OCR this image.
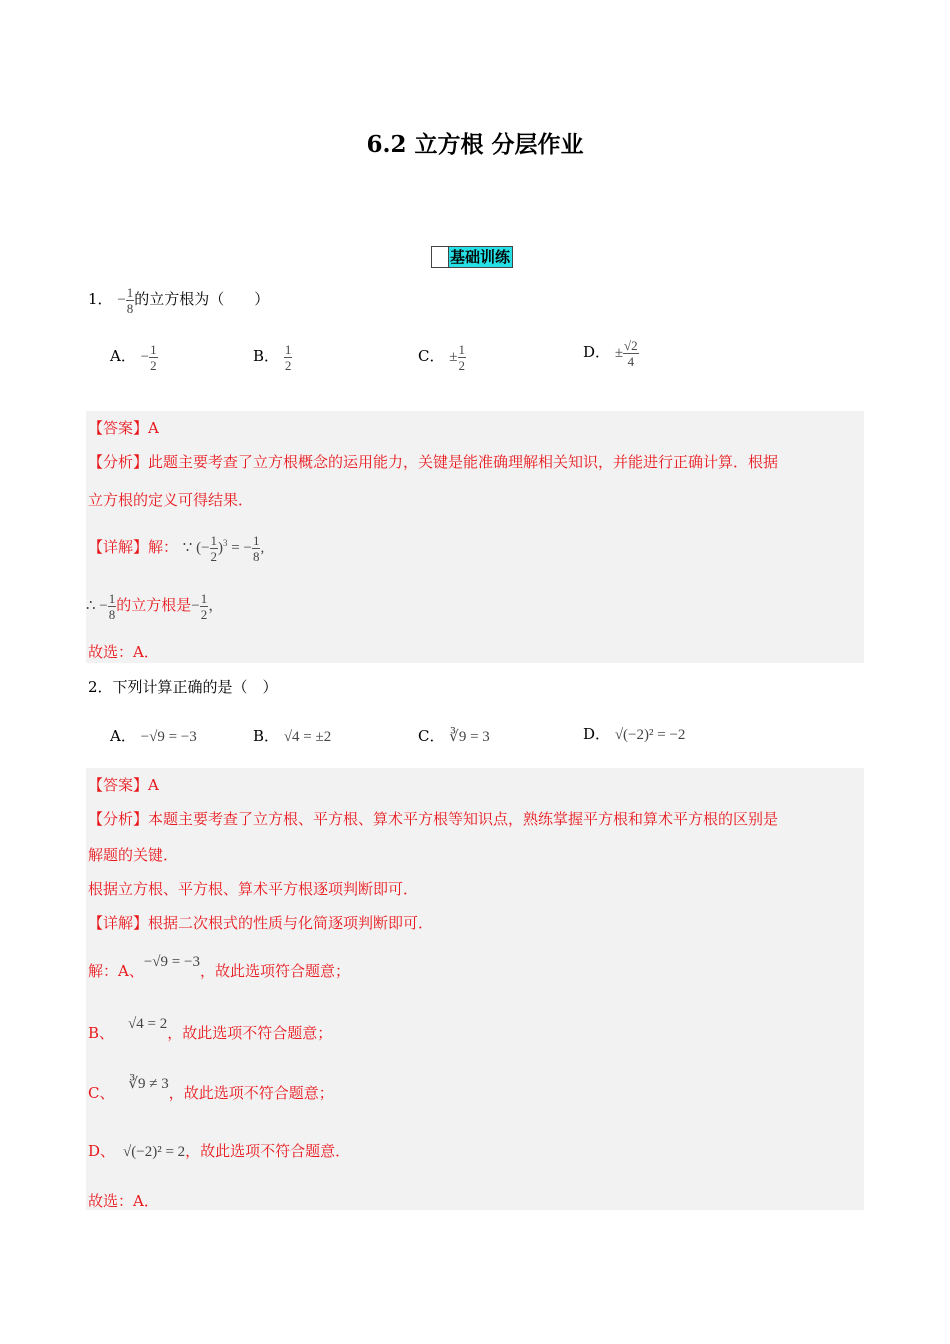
6.2 立方根 分层作业
基础训练
1． − $\frac{1}{8}$ 的立方根为（　　）
A． − $\frac{1}{2}$	B． $\frac{1}{2}$	C． ± $\frac{1}{2}$	D． ± $\frac{√2}{4}$
【答案】A
【分析】此题主要考查了立方根概念的运用能力，关键是能准确理解相关知识，并能进行正确计算．根据
立方根的定义可得结果．
【详解】解： ∵ (− $\frac{1}{2} )^3$ = − $\frac{1}{8}$ ,
∴ − $\frac{1}{8}$ 的立方根是− $\frac{1}{2}$ ，
故选：A．
2．下列计算正确的是（　）
A． −√9 = −3	B． √4 = ±2	C． ∛9 = 3	D． √(−2)² = −2
【答案】A
【分析】本题主要考查了立方根、平方根、算术平方根等知识点，熟练掌握平方根和算术平方根的区别是
解题的关键．
根据立方根、平方根、算术平方根逐项判断即可．
【详解】根据二次根式的性质与化简逐项判断即可．
解：A、−√9 = −3，故此选项符合题意；
B、 √4 = 2，故此选项不符合题意；
C、 ∛9 ≠ 3，故此选项不符合题意；
D、 √(−2)² = 2，故此选项不符合题意．
故选：A．
